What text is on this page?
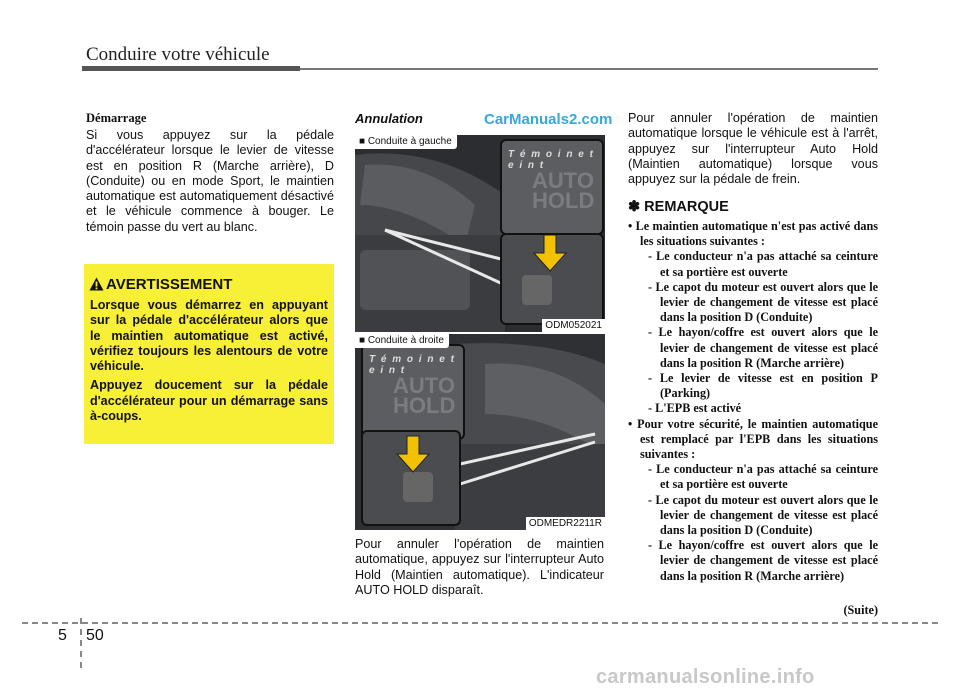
Conduire votre véhicule
Démarrage
Si vous appuyez sur la pédale d'accélérateur lorsque le levier de vitesse est en position R (Marche arrière), D (Conduite) ou en mode Sport, le maintien automatique est automatiquement désactivé et le véhicule commence à bouger. Le témoin passe du vert au blanc.
AVERTISSEMENT

Lorsque vous démarrez en appuyant sur la pédale d'accélérateur alors que le maintien automatique est activé, vérifiez toujours les alentours de votre véhicule.

Appuyez doucement sur la pédale d'accélérateur pour un démarrage sans à-coups.

Annulation	CarManuals2.com
T é m o i n e t e i n t
AUTO HOLD
■ Conduite à gauche
ODM052021
T é m o i n e t e i n t
AUTO HOLD
■ Conduite à droite
ODMEDR2211R
Pour annuler l'opération de maintien automatique, appuyez sur l'interrupteur Auto Hold (Maintien automatique). L'indicateur AUTO HOLD disparaît.
Pour annuler l'opération de maintien automatique lorsque le véhicule est à l'arrêt, appuyez sur l'interrupteur Auto Hold (Maintien automatique) lorsque vous appuyez sur la pédale de frein.
✽ REMARQUE
• Le maintien automatique n'est pas activé dans les situations suivantes :
- Le conducteur n'a pas attaché sa ceinture et sa portière est ouverte
- Le capot du moteur est ouvert alors que le levier de changement de vitesse est placé dans la position D (Conduite)
- Le hayon/coffre est ouvert alors que le levier de changement de vitesse est placé dans la position R (Marche arrière)
- Le levier de vitesse est en position P (Parking)
- L'EPB est activé
• Pour votre sécurité, le maintien automatique est remplacé par l'EPB dans les situations suivantes :
- Le conducteur n'a pas attaché sa ceinture et sa portière est ouverte
- Le capot du moteur est ouvert alors que le levier de changement de vitesse est placé dans la position D (Conduite)
- Le hayon/coffre est ouvert alors que le levier de changement de vitesse est placé dans la position R (Marche arrière)
(Suite)
5 50
carmanualsonline.info
